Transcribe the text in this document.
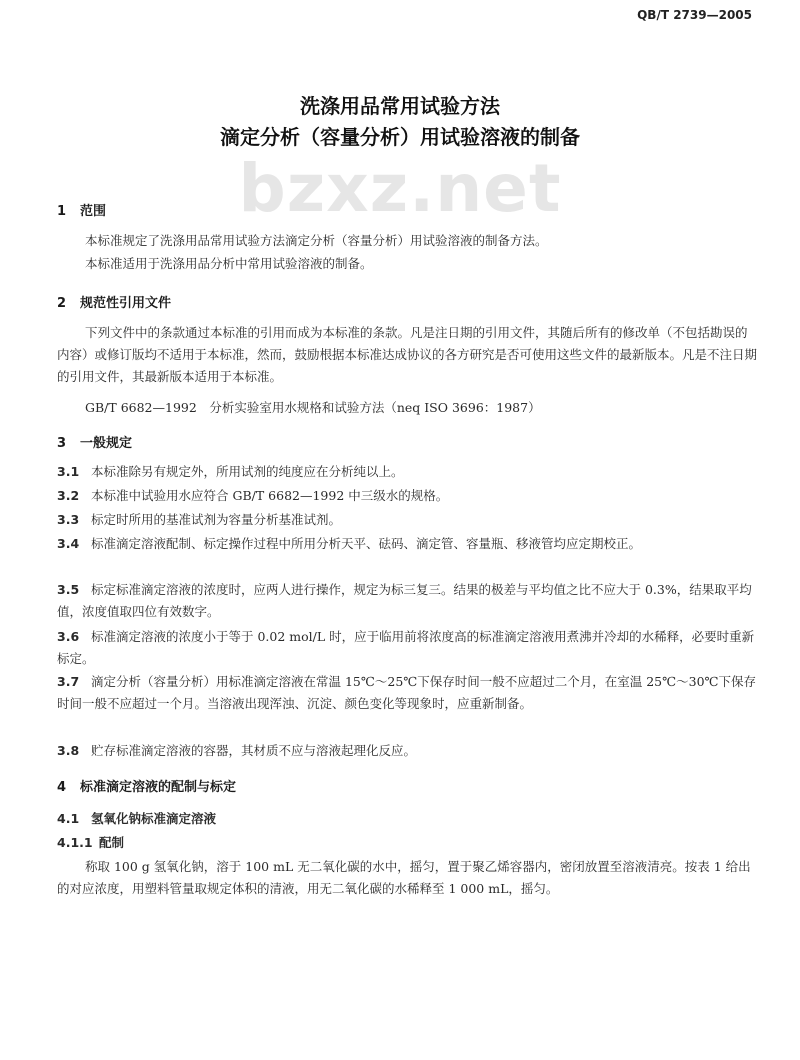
QB/T 2739—2005
bzxz.net
洗涤用品常用试验方法
滴定分析（容量分析）用试验溶液的制备
1 范围
本标准规定了洗涤用品常用试验方法滴定分析（容量分析）用试验溶液的制备方法。
本标准适用于洗涤用品分析中常用试验溶液的制备。
2 规范性引用文件
下列文件中的条款通过本标准的引用而成为本标准的条款。凡是注日期的引用文件，其随后所有的修改单（不包括勘误的内容）或修订版均不适用于本标准，然而，鼓励根据本标准达成协议的各方研究是否可使用这些文件的最新版本。凡是不注日期的引用文件，其最新版本适用于本标准。
GB/T 6682—1992　分析实验室用水规格和试验方法（neq ISO 3696：1987）
3 一般规定
3.1 本标准除另有规定外，所用试剂的纯度应在分析纯以上。
3.2 本标准中试验用水应符合 GB/T 6682—1992 中三级水的规格。
3.3 标定时所用的基准试剂为容量分析基准试剂。
3.4 标准滴定溶液配制、标定操作过程中所用分析天平、砝码、滴定管、容量瓶、移液管均应定期校正。
3.5 标定标准滴定溶液的浓度时，应两人进行操作，规定为标三复三。结果的极差与平均值之比不应大于 0.3%，结果取平均值，浓度值取四位有效数字。
3.6 标准滴定溶液的浓度小于等于 0.02 mol/L 时，应于临用前将浓度高的标准滴定溶液用煮沸并冷却的水稀释，必要时重新标定。
3.7 滴定分析（容量分析）用标准滴定溶液在常温 15℃～25℃下保存时间一般不应超过二个月，在室温 25℃～30℃下保存时间一般不应超过一个月。当溶液出现浑浊、沉淀、颜色变化等现象时，应重新制备。
3.8 贮存标准滴定溶液的容器，其材质不应与溶液起理化反应。
4 标准滴定溶液的配制与标定
4.1 氢氧化钠标准滴定溶液
4.1.1 配制
称取 100 g 氢氧化钠，溶于 100 mL 无二氧化碳的水中，摇匀，置于聚乙烯容器内，密闭放置至溶液清亮。按表 1 给出的对应浓度，用塑料管量取规定体积的清液，用无二氧化碳的水稀释至 1 000 mL，摇匀。
